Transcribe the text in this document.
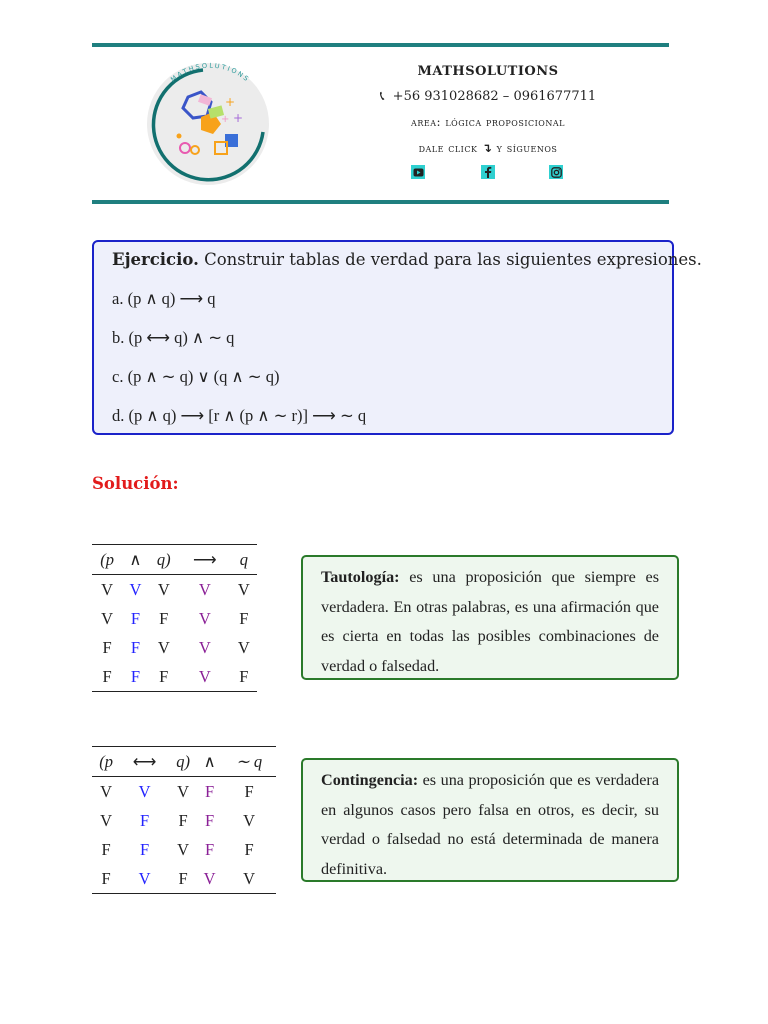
MATHSOLUTIONS
+
+
+
MATHSOLUTIONS
📞︎ +56 931028682 – 0961677711
area: lógica proposicional
dale click ↴ y síguenos
Ejercicio. Construir tablas de verdad para las siguientes expresiones.
a. (p ∧ q) ⟶ q
b. (p ⟷ q) ∧ ∼ q
c. (p ∧ ∼ q) ∨ (q ∧ ∼ q)
d. (p ∧ q) ⟶ [r ∧ (p ∧ ∼ r)] ⟶ ∼ q
Solución:
(p	∧	q)	⟶	q
V	V	V	V	V
V	F	F	V	F
F	F	V	V	V
F	F	F	V	F
Tautología: es una proposición que siempre es verdadera. En otras palabras, es una afirmación que es cierta en todas las posibles combinaciones de verdad o falsedad.
(p	⟷	q)	∧	∼ q
V	V	V	F	F
V	F	F	F	V
F	F	V	F	F
F	V	F	V	V
Contingencia: es una proposición que es verdadera en algunos casos pero falsa en otros, es decir, su verdad o falsedad no está determinada de manera definitiva.
